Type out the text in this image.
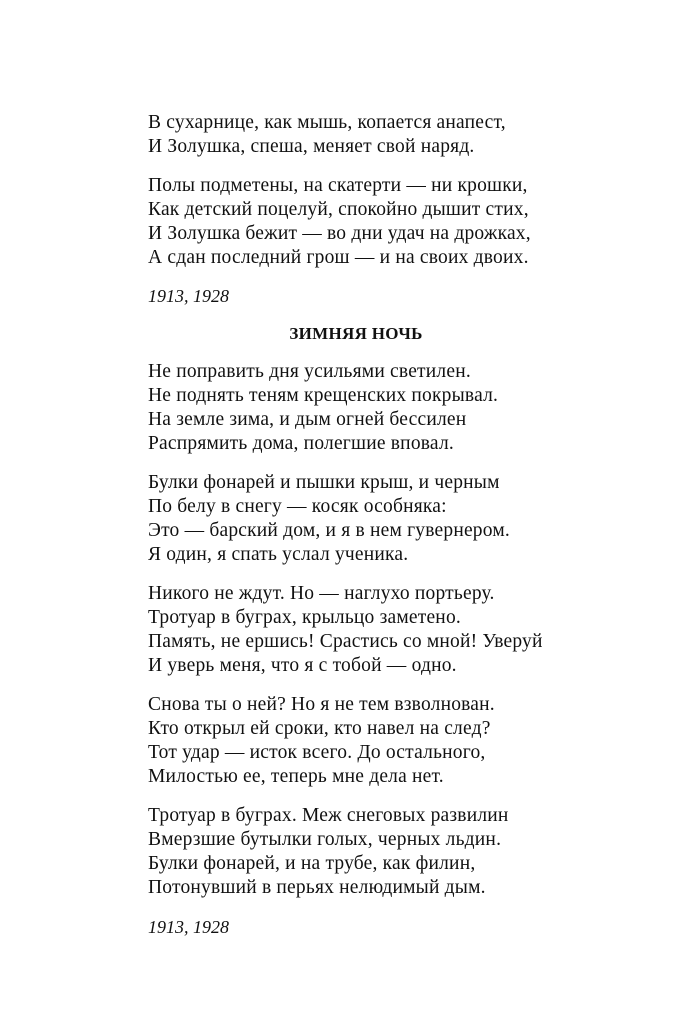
В сухарнице, как мышь, копается анапест,
И Золушка, спеша, меняет свой наряд.
Полы подметены, на скатерти — ни крошки,
Как детский поцелуй, спокойно дышит стих,
И Золушка бежит — во дни удач на дрожках,
А сдан последний грош — и на своих двоих.
1913, 1928
ЗИМНЯЯ НОЧЬ
Не поправить дня усильями светилен.
Не поднять теням крещенских покрывал.
На земле зима, и дым огней бессилен
Распрямить дома, полегшие вповал.
Булки фонарей и пышки крыш, и черным
По белу в снегу — косяк особняка:
Это — барский дом, и я в нем гувернером.
Я один, я спать услал ученика.
Никого не ждут. Но — наглухо портьеру.
Тротуар в буграх, крыльцо заметено.
Память, не ершись! Срастись со мной! Уверуй
И уверь меня, что я с тобой — одно.
Снова ты о ней? Но я не тем взволнован.
Кто открыл ей сроки, кто навел на след?
Тот удар — исток всего. До остального,
Милостью ее, теперь мне дела нет.
Тротуар в буграх. Меж снеговых развилин
Вмерзшие бутылки голых, черных льдин.
Булки фонарей, и на трубе, как филин,
Потонувший в перьях нелюдимый дым.
1913, 1928
